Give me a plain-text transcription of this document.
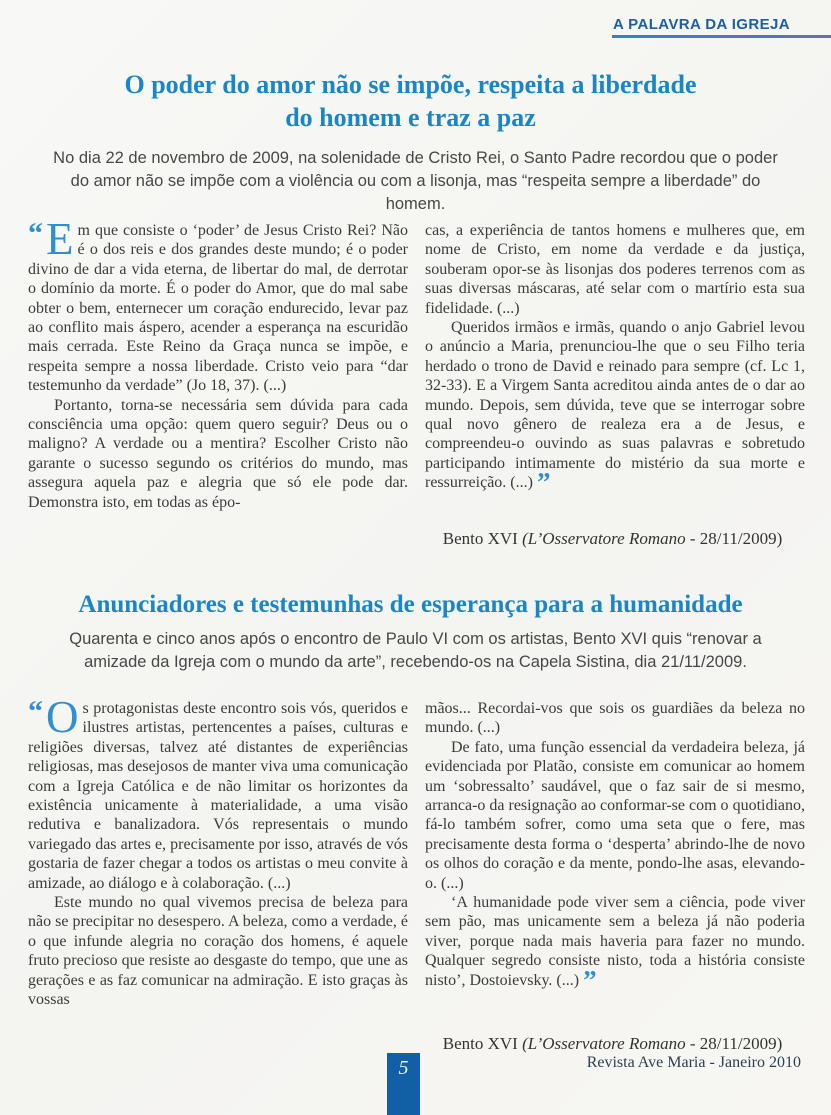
A PALAVRA DA IGREJA
O poder do amor não se impõe, respeita a liberdade
do homem e traz a paz
No dia 22 de novembro de 2009, na solenidade de Cristo Rei, o Santo Padre recordou que o poder do amor não se impõe com a violência ou com a lisonja, mas “respeita sempre a liberdade” do homem.

“ E m que consiste o ‘poder’ de Jesus Cristo Rei? Não é o dos reis e dos grandes deste mundo; é o poder divino de dar a vida eterna, de libertar do mal, de derrotar o domínio da morte. É o poder do Amor, que do mal sabe obter o bem, enternecer um coração endurecido, levar paz ao conflito mais áspero, acender a esperança na escuridão mais cerrada. Este Reino da Graça nunca se impõe, e respeita sempre a nossa liberdade. Cristo veio para “dar testemunho da verdade” (Jo 18, 37). (...)

Portanto, torna-se necessária sem dúvida para cada consciência uma opção: quem quero seguir? Deus ou o maligno? A verdade ou a mentira? Escolher Cristo não garante o sucesso segundo os critérios do mundo, mas assegura aquela paz e alegria que só ele pode dar. Demonstra isto, em todas as épo-

cas, a experiência de tantos homens e mulheres que, em nome de Cristo, em nome da verdade e da justiça, souberam opor-se às lisonjas dos poderes terrenos com as suas diversas máscaras, até selar com o martírio esta sua fidelidade. (...)

Queridos irmãos e irmãs, quando o anjo Gabriel levou o anúncio a Maria, prenunciou-lhe que o seu Filho teria herdado o trono de David e reinado para sempre (cf. Lc 1, 32-33). E a Virgem Santa acreditou ainda antes de o dar ao mundo. Depois, sem dúvida, teve que se interrogar sobre qual novo gênero de realeza era a de Jesus, e compreendeu-o ouvindo as suas palavras e sobretudo participando intimamente do mistério da sua morte e ressurreição. (...) ”

Bento XVI (L’Osservatore Romano - 28/11/2009)
Anunciadores e testemunhas de esperança para a humanidade
Quarenta e cinco anos após o encontro de Paulo VI com os artistas, Bento XVI quis “renovar a amizade da Igreja com o mundo da arte”, recebendo-os na Capela Sistina, dia 21/11/2009.

“ O s protagonistas deste encontro sois vós, queridos e ilustres artistas, pertencentes a países, culturas e religiões diversas, talvez até distantes de experiências religiosas, mas desejosos de manter viva uma comunicação com a Igreja Católica e de não limitar os horizontes da existência unicamente à materialidade, a uma visão redutiva e banalizadora. Vós representais o mundo variegado das artes e, precisamente por isso, através de vós gostaria de fazer chegar a todos os artistas o meu convite à amizade, ao diálogo e à colaboração. (...)

Este mundo no qual vivemos precisa de beleza para não se precipitar no desespero. A beleza, como a verdade, é o que infunde alegria no coração dos homens, é aquele fruto precioso que resiste ao desgaste do tempo, que une as gerações e as faz comunicar na admiração. E isto graças às vossas

mãos... Recordai-vos que sois os guardiães da beleza no mundo. (...)

De fato, uma função essencial da verdadeira beleza, já evidenciada por Platão, consiste em comunicar ao homem um ‘sobressalto’ saudável, que o faz sair de si mesmo, arranca-o da resignação ao conformar-se com o quotidiano, fá-lo também sofrer, como uma seta que o fere, mas precisamente desta forma o ‘desperta’ abrindo-lhe de novo os olhos do coração e da mente, pondo-lhe asas, elevando-o. (...)

‘A humanidade pode viver sem a ciência, pode viver sem pão, mas unicamente sem a beleza já não poderia viver, porque nada mais haveria para fazer no mundo. Qualquer segredo consiste nisto, toda a história consiste nisto’, Dostoievsky. (...) ”

Bento XVI (L’Osservatore Romano - 28/11/2009)
5	Revista Ave Maria - Janeiro 2010
